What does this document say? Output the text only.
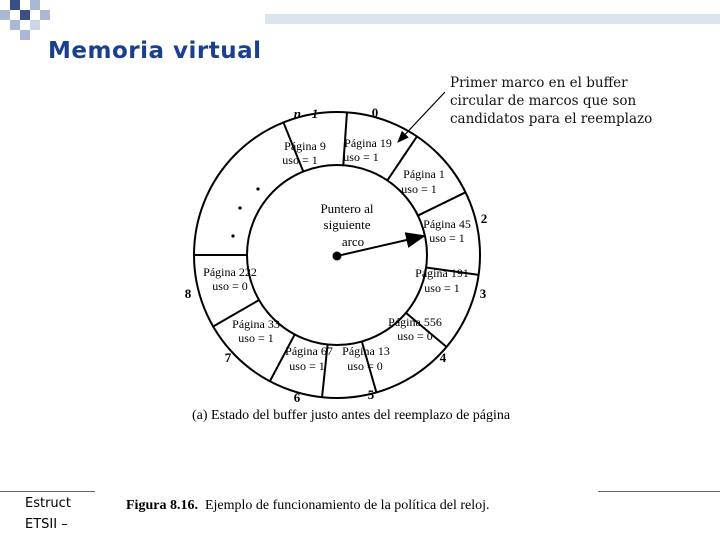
Memoria virtual
Primer marco en el buffer circular de marcos que son candidatos para el reemplazo
Página 9
uso = 1
Página 19
uso = 1
Página 1
uso = 1
Página 45
uso = 1
Página 191
uso = 1
Página 556
uso = 0
Página 13
uso = 0
Página 67
uso = 1
Página 33
uso = 1
Página 222
uso = 0
n - 1	0
2
3
4
5
6
7
8
Puntero al
siguiente
arco
(a) Estado del buffer justo antes del reemplazo de página
Estruct
ETSII –
Figura 8.16. Ejemplo de funcionamiento de la política del reloj.
